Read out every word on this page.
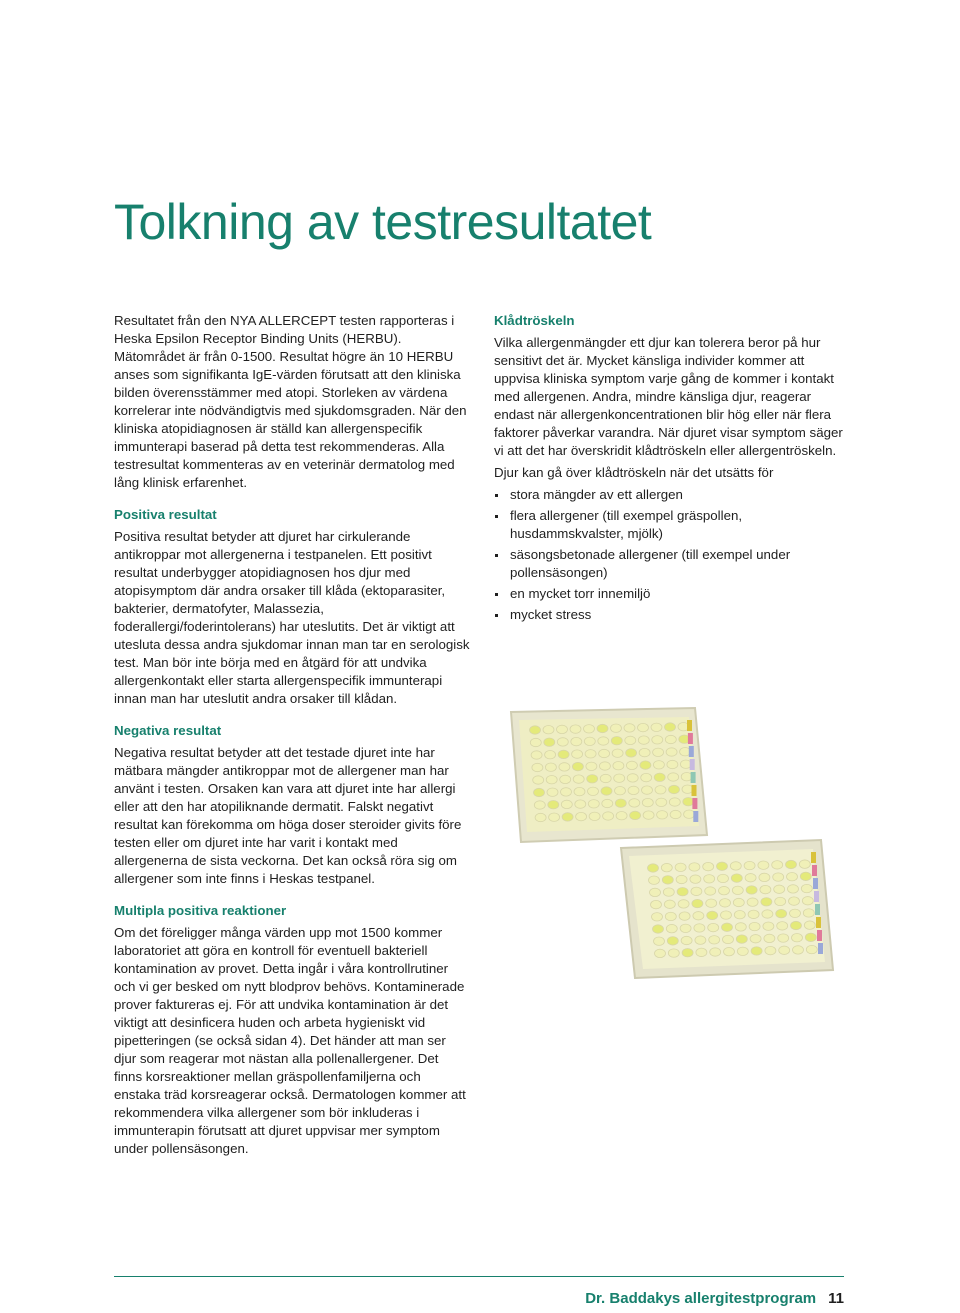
Tolkning av testresultatet

Resultatet från den NYA ALLERCEPT testen rapporteras i Heska Epsilon Receptor Binding Units (HERBU). Mätområdet är från 0-1500. Resultat högre än 10 HERBU anses som signifikanta IgE-värden förutsatt att den kliniska bilden överensstämmer med atopi. Storleken av värdena korrelerar inte nödvändigtvis med sjukdomsgraden. När den kliniska atopidiagnosen är ställd kan allergenspecifik immunterapi baserad på detta test rekommenderas. Alla testresultat kommenteras av en veterinär dermatolog med lång klinisk erfarenhet.

Positiva resultat

Positiva resultat betyder att djuret har cirkulerande antikroppar mot allergenerna i testpanelen. Ett positivt resultat underbygger atopidiagnosen hos djur med atopisymptom där andra orsaker till klåda (ektoparasiter, bakterier, dermatofyter, Malassezia, foderallergi/foderintolerans) har uteslutits. Det är viktigt att utesluta dessa andra sjukdomar innan man tar en serologisk test. Man bör inte börja med en åtgärd för att undvika allergenkontakt eller starta allergenspecifik immunterapi innan man har uteslutit andra orsaker till klådan.

Negativa resultat

Negativa resultat betyder att det testade djuret inte har mätbara mängder antikroppar mot de allergener man har använt i testen. Orsaken kan vara att djuret inte har allergi eller att den har atopiliknande dermatit. Falskt negativt resultat kan förekomma om höga doser steroider givits före testen eller om djuret inte har varit i kontakt med allergenerna de sista veckorna. Det kan också röra sig om allergener som inte finns i Heskas testpanel.

Multipla positiva reaktioner

Om det föreligger många värden upp mot 1500 kommer laboratoriet att göra en kontroll för eventuell bakteriell kontamination av provet. Detta ingår i våra kontrollrutiner och vi ger besked om nytt blodprov behövs. Kontaminerade prover faktureras ej. För att undvika kontamination är det viktigt att desinficera huden och arbeta hygieniskt vid pipetteringen (se också sidan 4). Det händer att man ser djur som reagerar mot nästan alla pollenallergener. Det finns korsreaktioner mellan gräspollenfamiljerna och enstaka träd korsreagerar också. Dermatologen kommer att rekommendera vilka allergener som bör inkluderas i immunterapin förutsatt att djuret uppvisar mer symptom under pollensäsongen.

Klådtröskeln

Vilka allergenmängder ett djur kan tolerera beror på hur sensitivt det är. Mycket känsliga individer kommer att uppvisa kliniska symptom varje gång de kommer i kontakt med allergenen. Andra, mindre känsliga djur, reagerar endast när allergenkoncentrationen blir hög eller när flera faktorer påverkar varandra. När djuret visar symptom säger vi att det har överskridit klådtröskeln eller allergentröskeln.

Djur kan gå över klådtröskeln när det utsätts för

stora mängder av ett allergen
flera allergener (till exempel gräspollen, husdammskvalster, mjölk)
säsongsbetonade allergener (till exempel under pollensäsongen)
en mycket torr innemiljö
mycket stress
Dr. Baddakys allergitestprogram 11
